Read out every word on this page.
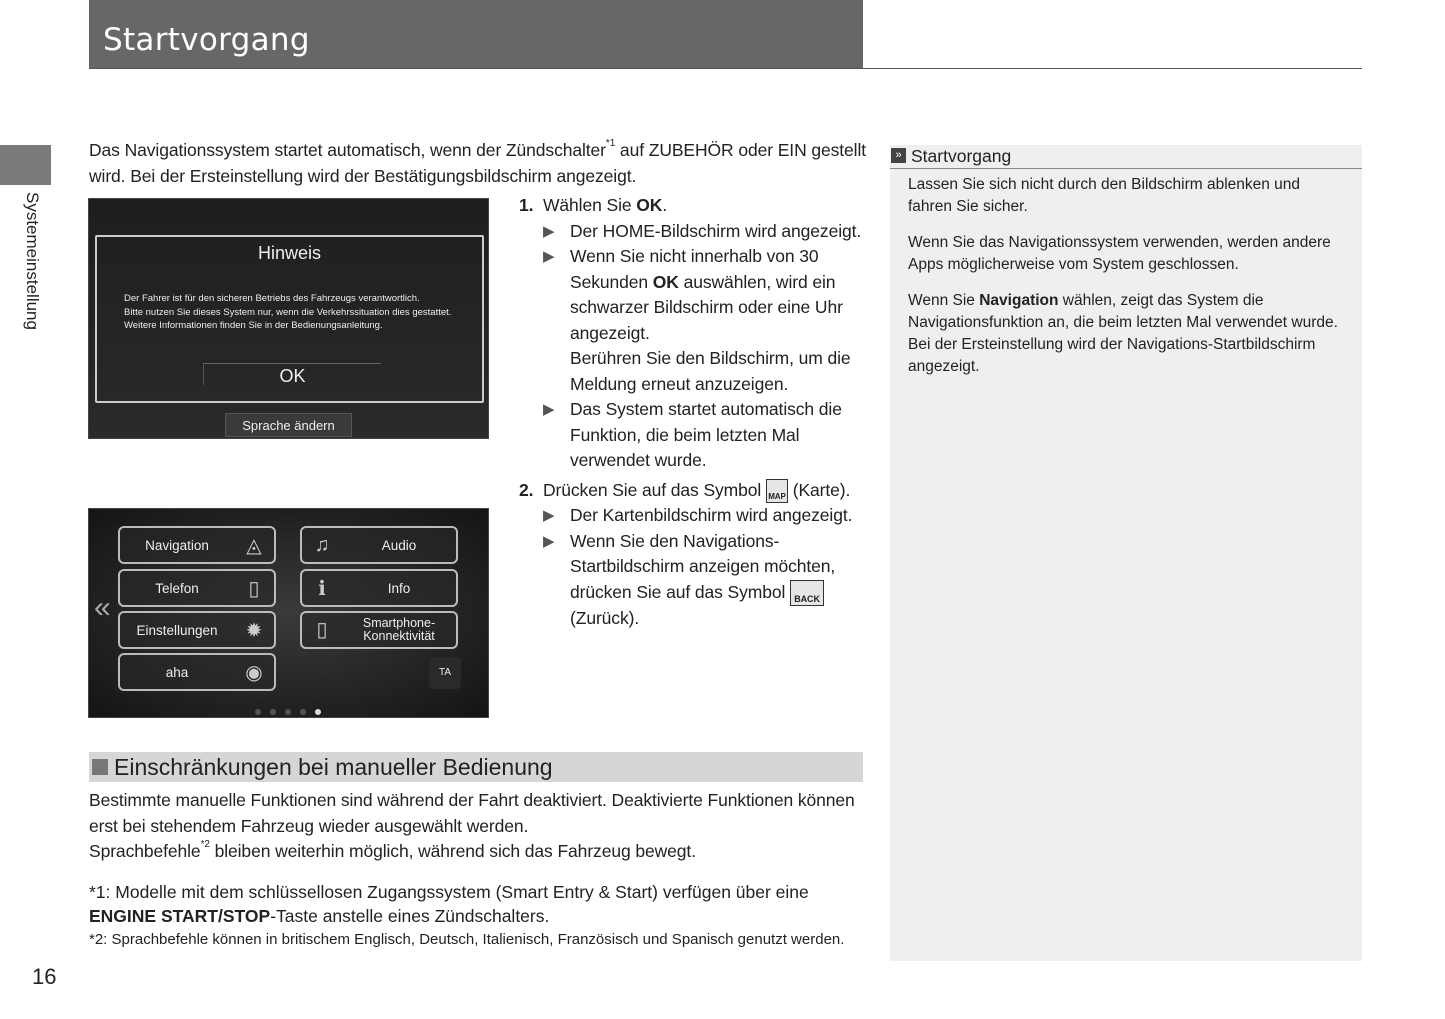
Startvorgang
Systemeinstellung
16
Das Navigationssystem startet automatisch, wenn der Zündschalter$^{*1}$ auf ZUBEHÖR oder EIN gestellt wird. Bei der Ersteinstellung wird der Bestätigungsbildschirm angezeigt.
Hinweis
Der Fahrer ist für den sicheren Betriebs des Fahrzeugs verantwortlich.
Bitte nutzen Sie dieses System nur, wenn die Verkehrssituation dies gestattet.
Weitere Informationen finden Sie in der Bedienungsanleitung.
OK
Sprache ändern
«
Navigation	◬
Telefon	▯
Einstellungen	✹
aha	◉
♫	Audio
ℹ	Info
▯	Smartphone-Konnektivität
TA
1. Wählen Sie OK.
▶ Der HOME-Bildschirm wird angezeigt.
▶ Wenn Sie nicht innerhalb von 30 Sekunden OK auswählen, wird ein schwarzer Bildschirm oder eine Uhr angezeigt.
Berühren Sie den Bildschirm, um die Meldung erneut anzuzeigen.
▶ Das System startet automatisch die Funktion, die beim letzten Mal verwendet wurde.
2. Drücken Sie auf das Symbol MAP (Karte).
▶ Der Kartenbildschirm wird angezeigt.
▶ Wenn Sie den Navigations-Startbildschirm anzeigen möchten, drücken Sie auf das Symbol BACK
(Zurück).
Einschränkungen bei manueller Bedienung
Bestimmte manuelle Funktionen sind während der Fahrt deaktiviert. Deaktivierte Funktionen können erst bei stehendem Fahrzeug wieder ausgewählt werden.
Sprachbefehle$^{*2}$ bleiben weiterhin möglich, während sich das Fahrzeug bewegt.
*1: Modelle mit dem schlüssellosen Zugangssystem (Smart Entry & Start) verfügen über eine ENGINE START/STOP-Taste anstelle eines Zündschalters.
*2: Sprachbefehle können in britischem Englisch, Deutsch, Italienisch, Französisch und Spanisch genutzt werden.
» Startvorgang

Lassen Sie sich nicht durch den Bildschirm ablenken und fahren Sie sicher.

Wenn Sie das Navigationssystem verwenden, werden andere Apps möglicherweise vom System geschlossen.

Wenn Sie Navigation wählen, zeigt das System die Navigationsfunktion an, die beim letzten Mal verwendet wurde. Bei der Ersteinstellung wird der Navigations-Startbildschirm angezeigt.
